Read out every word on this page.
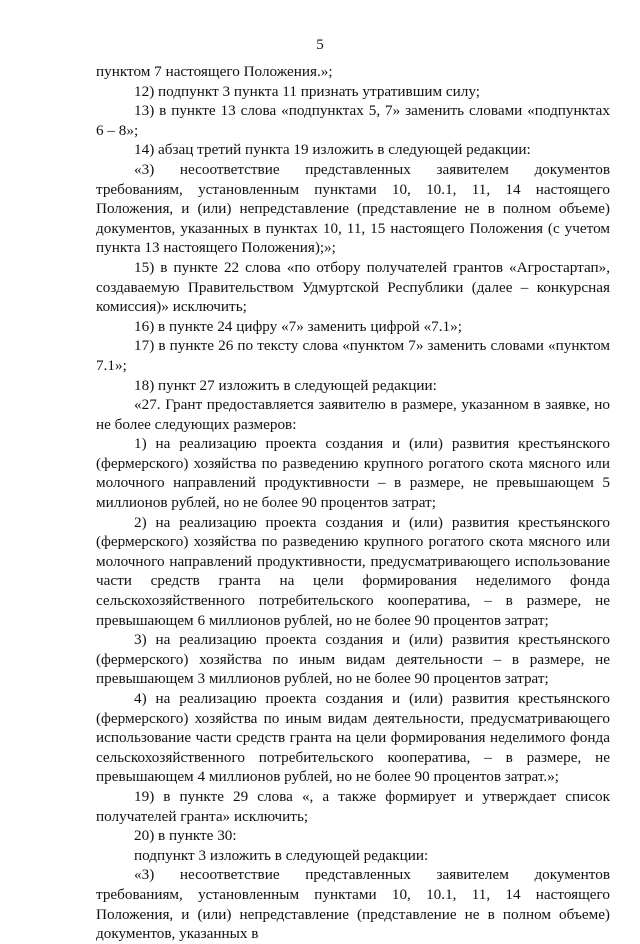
5

пунктом 7 настоящего Положения.»;

12) подпункт 3 пункта 11 признать утратившим силу;

13) в пункте 13 слова «подпунктах 5, 7» заменить словами «подпунктах 6 – 8»;

14) абзац третий пункта 19 изложить в следующей редакции:

«3) несоответствие представленных заявителем документов требованиям, установленным пунктами 10, 10.1, 11, 14 настоящего Положения, и (или) непредставление (представление не в полном объеме) документов, указанных в пунктах 10, 11, 15 настоящего Положения (с учетом пункта 13 настоящего Положения);»;

15) в пункте 22 слова «по отбору получателей грантов «Агростартап», создаваемую Правительством Удмуртской Республики (далее – конкурсная комиссия)» исключить;

16) в пункте 24 цифру «7» заменить цифрой «7.1»;

17) в пункте 26 по тексту слова «пунктом 7» заменить словами «пунктом 7.1»;

18) пункт 27 изложить в следующей редакции:

«27. Грант предоставляется заявителю в размере, указанном в заявке, но не более следующих размеров:

1) на реализацию проекта создания и (или) развития крестьянского (фермерского) хозяйства по разведению крупного рогатого скота мясного или молочного направлений продуктивности – в размере, не превышающем 5 миллионов рублей, но не более 90 процентов затрат;

2) на реализацию проекта создания и (или) развития крестьянского (фермерского) хозяйства по разведению крупного рогатого скота мясного или молочного направлений продуктивности, предусматривающего использование части средств гранта на цели формирования неделимого фонда сельскохозяйственного потребительского кооператива, – в размере, не превышающем 6 миллионов рублей, но не более 90 процентов затрат;

3) на реализацию проекта создания и (или) развития крестьянского (фермерского) хозяйства по иным видам деятельности – в размере, не превышающем 3 миллионов рублей, но не более 90 процентов затрат;

4) на реализацию проекта создания и (или) развития крестьянского (фермерского) хозяйства по иным видам деятельности, предусматривающего использование части средств гранта на цели формирования неделимого фонда сельскохозяйственного потребительского кооператива, – в размере, не превышающем 4 миллионов рублей, но не более 90 процентов затрат.»;

19) в пункте 29 слова «, а также формирует и утверждает список получателей гранта» исключить;

20) в пункте 30:

подпункт 3 изложить в следующей редакции:

«3) несоответствие представленных заявителем документов требованиям, установленным пунктами 10, 10.1, 11, 14 настоящего Положения, и (или) непредставление (представление не в полном объеме) документов, указанных в
